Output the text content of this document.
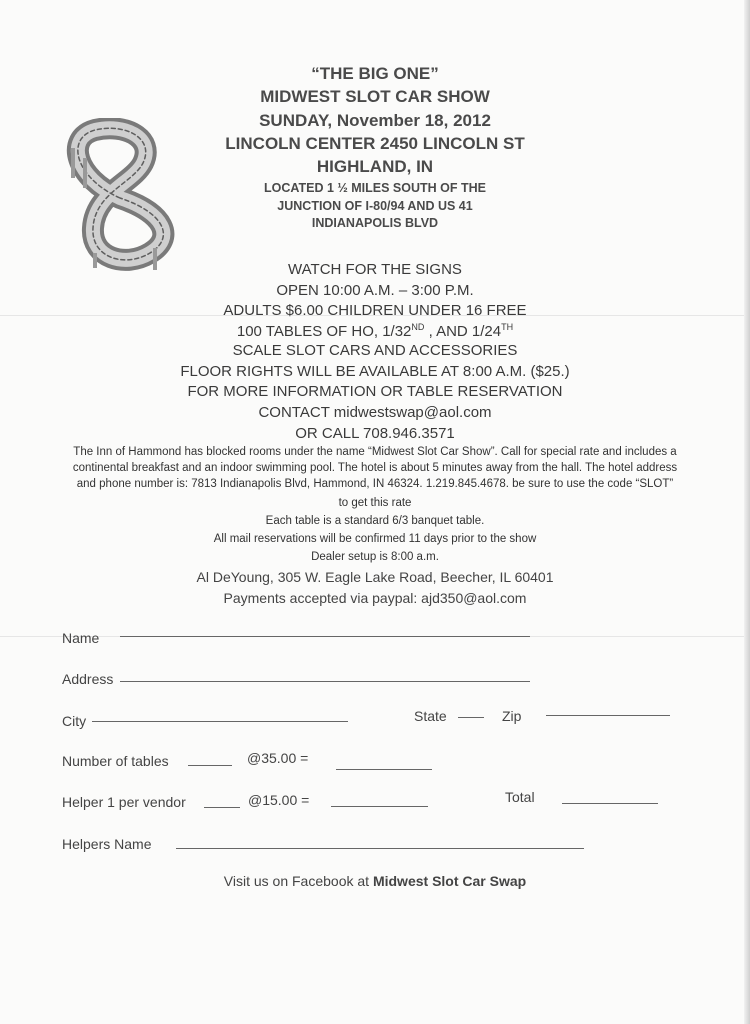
“THE BIG ONE”
MIDWEST SLOT CAR SHOW
SUNDAY, November 18, 2012
LINCOLN CENTER 2450 LINCOLN ST
HIGHLAND, IN
LOCATED 1 ½ MILES SOUTH OF THE
JUNCTION OF I-80/94 AND US 41
INDIANAPOLIS BLVD
WATCH FOR THE SIGNS
OPEN 10:00 A.M. – 3:00 P.M.
ADULTS $6.00 CHILDREN UNDER 16 FREE
100 TABLES OF HO, 1/32ND , AND 1/24TH
SCALE SLOT CARS AND ACCESSORIES
FLOOR RIGHTS WILL BE AVAILABLE AT 8:00 A.M. ($25.)
FOR MORE INFORMATION OR TABLE RESERVATION
CONTACT midwestswap@aol.com
OR CALL 708.946.3571
The Inn of Hammond has blocked rooms under the name “Midwest Slot Car Show”. Call for special rate and includes a
continental breakfast and an indoor swimming pool. The hotel is about 5 minutes away from the hall. The hotel address
and phone number is: 7813 Indianapolis Blvd, Hammond, IN 46324. 1.219.845.4678. be sure to use the code “SLOT”
to get this rate
Each table is a standard 6/3 banquet table.
All mail reservations will be confirmed 11 days prior to the show
Dealer setup is 8:00 a.m.
Al DeYoung, 305 W. Eagle Lake Road, Beecher, IL 60401
Payments accepted via paypal: ajd350@aol.com
Name
Address
City	State	Zip
Number of tables	@35.00 =
Helper 1 per vendor	@15.00 =	Total
Helpers Name
Visit us on Facebook at Midwest Slot Car Swap
